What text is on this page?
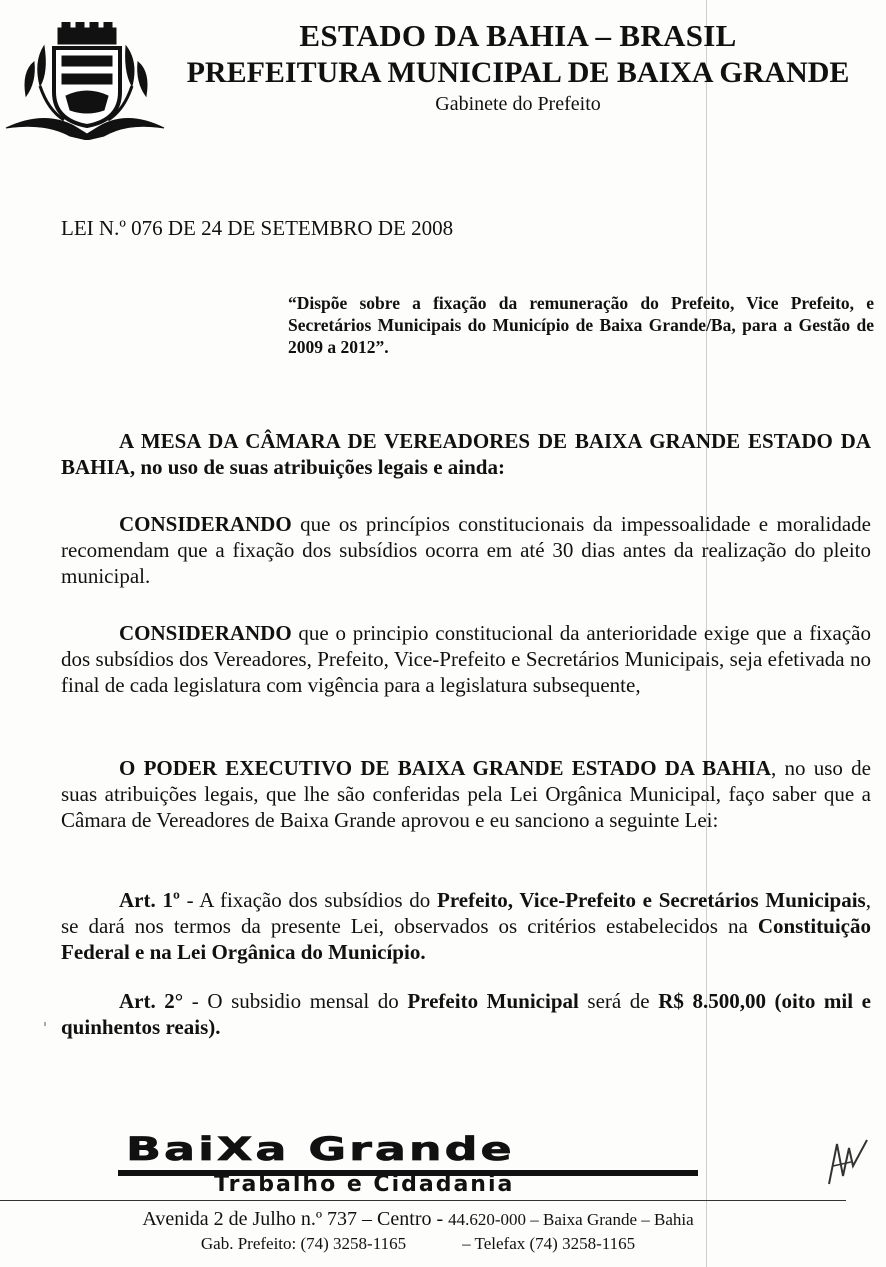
ESTADO DA BAHIA – BRASIL
PREFEITURA MUNICIPAL DE BAIXA GRANDE
Gabinete do Prefeito
LEI N.º 076 DE 24 DE SETEMBRO DE 2008
“Dispõe sobre a fixação da remuneração do Prefeito, Vice Prefeito, e Secretários Municipais do Município de Baixa Grande/Ba, para a Gestão de 2009 a 2012”.
A MESA DA CÂMARA DE VEREADORES DE BAIXA GRANDE ESTADO DA BAHIA, no uso de suas atribuições legais e ainda:
CONSIDERANDO que os princípios constitucionais da impessoalidade e moralidade recomendam que a fixação dos subsídios ocorra em até 30 dias antes da realização do pleito municipal.
CONSIDERANDO que o principio constitucional da anterioridade exige que a fixação dos subsídios dos Vereadores, Prefeito, Vice-Prefeito e Secretários Municipais, seja efetivada no final de cada legislatura com vigência para a legislatura subsequente,
O PODER EXECUTIVO DE BAIXA GRANDE ESTADO DA BAHIA, no uso de suas atribuições legais, que lhe são conferidas pela Lei Orgânica Municipal, faço saber que a Câmara de Vereadores de Baixa Grande aprovou e eu sanciono a seguinte Lei:
Art. 1º - A fixação dos subsídios do Prefeito, Vice-Prefeito e Secretários Municipais, se dará nos termos da presente Lei, observados os critérios estabelecidos na Constituição Federal e na Lei Orgânica do Município.
Art. 2° - O subsidio mensal do Prefeito Municipal será de R$ 8.500,00 (oito mil e quinhentos reais).
BaiXa Grande
Trabalho e Cidadania
Avenida 2 de Julho n.º 737 – Centro - 44.620-000 – Baixa Grande – Bahia
Gab. Prefeito: (74) 3258-1165	– Telefax (74) 3258-1165
